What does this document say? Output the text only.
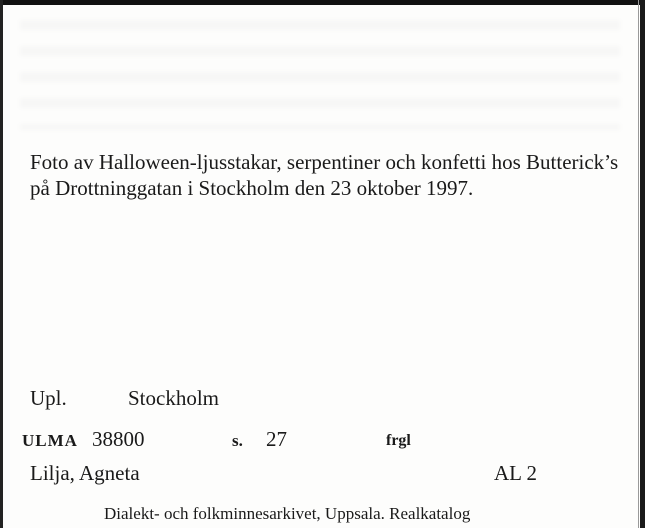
Foto av Halloween-ljusstakar, serpentiner och konfetti hos Butterick’s på Drottninggatan i Stockholm den 23 oktober 1997.

Upl.	Stockholm
ULMA 38800	s. 27	frgl
Lilja, Agneta	AL 2
Dialekt- och folkminnesarkivet, Uppsala. Realkatalog
